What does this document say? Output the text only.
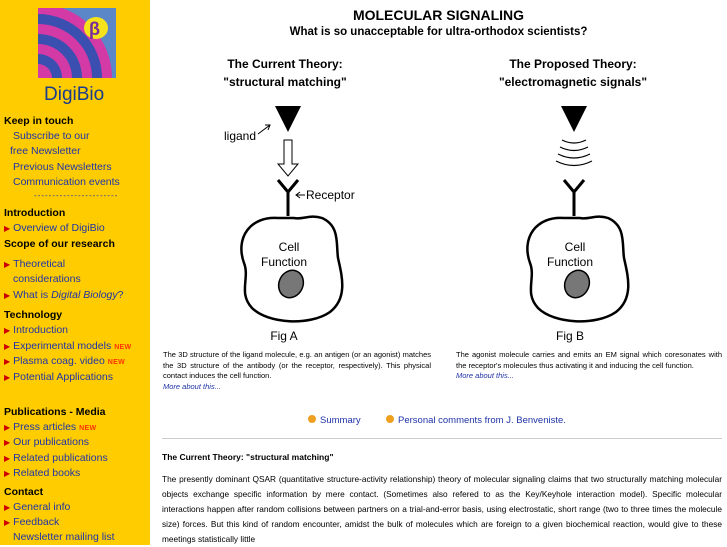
β
DigiBio
Keep in touch
Subscribe to our
free Newsletter
Previous Newsletters
Communication events
-----------------------
Introduction
▶ Overview of DigiBio
Scope of our research
▶ Theoretical
considerations
▶ What is Digital Biology?
Technology
▶ Introduction
▶ Experimental models NEW
▶ Plasma coag. video NEW
▶ Potential Applications
Publications - Media
▶ Press articles NEW
▶ Our publications
▶ Related publications
▶ Related books
Contact
▶ General info
▶ Feedback
Newsletter mailing list
MOLECULAR SIGNALING
What is so unacceptable for ultra-orthodox scientists?
The Current Theory:
"structural matching"
The Proposed Theory:
"electromagnetic signals"
ligand
Receptor
Cell
Function
Fig A
Cell
Function
Fig B
The 3D structure of the ligand molecule, e.g. an antigen (or an agonist) matches the 3D structure of the antibody (or the receptor, respectively). This physical contact induces the cell function.
More about this...
The agonist molecule carries and emits an EM signal which coresonates with the receptor's molecules thus activating it and inducing the cell function.
More about this...
Summary	Personal comments from J. Benveniste.
The Current Theory: "structural matching"
The presently dominant QSAR (quantitative structure-activity relationship) theory of molecular signaling claims that two structurally matching molecular objects exchange specific information by mere contact. (Sometimes also refered to as the Key/Keyhole interaction model). Specific molecular interactions happen after random collisions between partners on a trial-and-error basis, using electrostatic, short range (two to three times the molecule size) forces. But this kind of random encounter, amidst the bulk of molecules which are foreign to a given biochemical reaction, would give to these meetings statistically little
